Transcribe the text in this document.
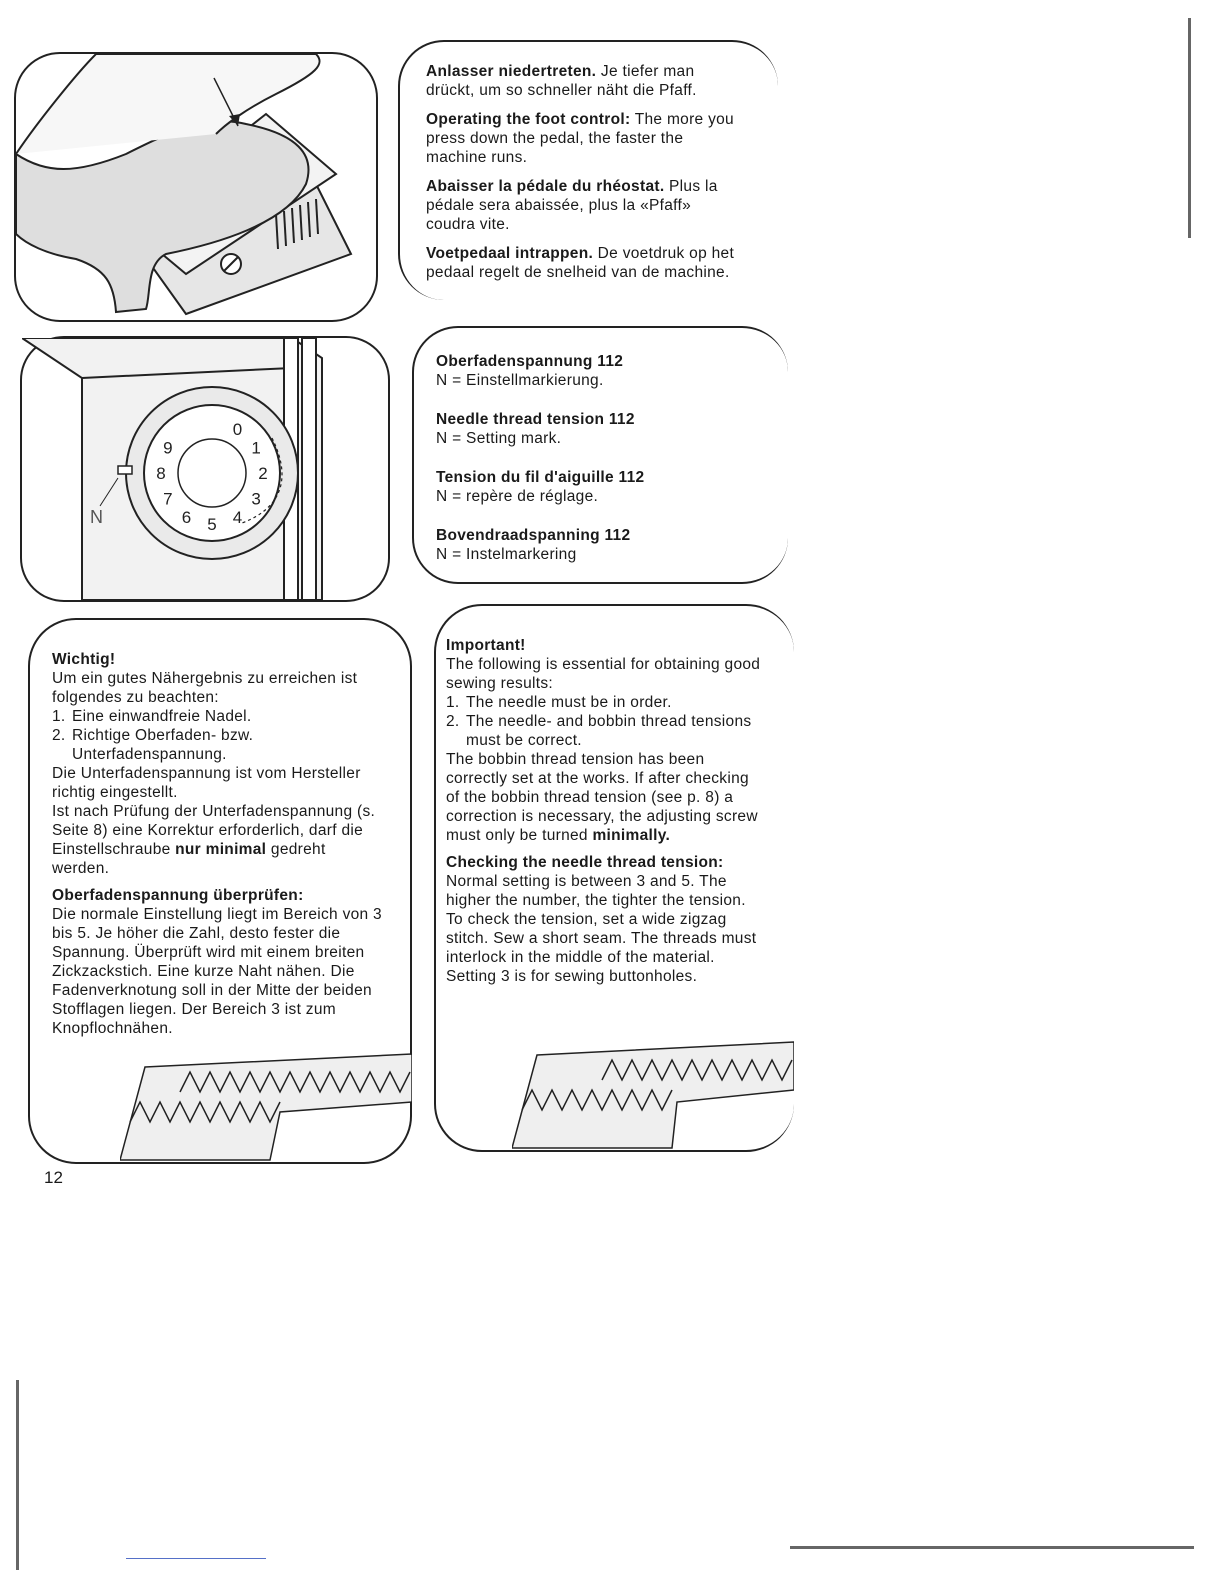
Anlasser niedertreten. Je tiefer man drückt, um so schneller näht die Pfaff.

Operating the foot control: The more you press down the pedal, the faster the machine runs.

Abaisser la pédale du rhéostat. Plus la pédale sera abaissée, plus la «Pfaff» coudra vite.

Voetpedaal intrappen. De voetdruk op het pedaal regelt de snelheid van de machine.

0
1
2
3
4
5
6
7
8
9
N

Oberfadenspannung 112
N = Einstellmarkierung.

Needle thread tension 112
N = Setting mark.

Tension du fil d'aiguille 112
N = repère de réglage.

Bovendraadspanning 112
N = Instelmarkering

Wichtig!

Um ein gutes Nähergebnis zu erreichen ist folgendes zu beachten:

1. Eine einwandfreie Nadel.
2. Richtige Oberfaden- bzw. Unterfadenspannung.

Die Unterfadenspannung ist vom Hersteller richtig eingestellt.

Ist nach Prüfung der Unterfadenspannung (s. Seite 8) eine Korrektur erforderlich, darf die Einstellschraube nur minimal gedreht werden.

Oberfadenspannung überprüfen:

Die normale Einstellung liegt im Bereich von 3 bis 5. Je höher die Zahl, desto fester die Spannung. Überprüft wird mit einem breiten Zickzackstich. Eine kurze Naht nähen. Die Fadenverknotung soll in der Mitte der beiden Stofflagen liegen. Der Bereich 3 ist zum Knopflochnähen.

Important!

The following is essential for obtaining good sewing results:

1. The needle must be in order.
2. The needle- and bobbin thread tensions must be correct.

The bobbin thread tension has been correctly set at the works. If after checking of the bobbin thread tension (see p. 8) a correction is necessary, the adjusting screw must only be turned minimally.

Checking the needle thread tension:

Normal setting is between 3 and 5. The higher the number, the tighter the tension. To check the tension, set a wide zigzag stitch. Sew a short seam. The threads must interlock in the middle of the material. Setting 3 is for sewing buttonholes.

12
